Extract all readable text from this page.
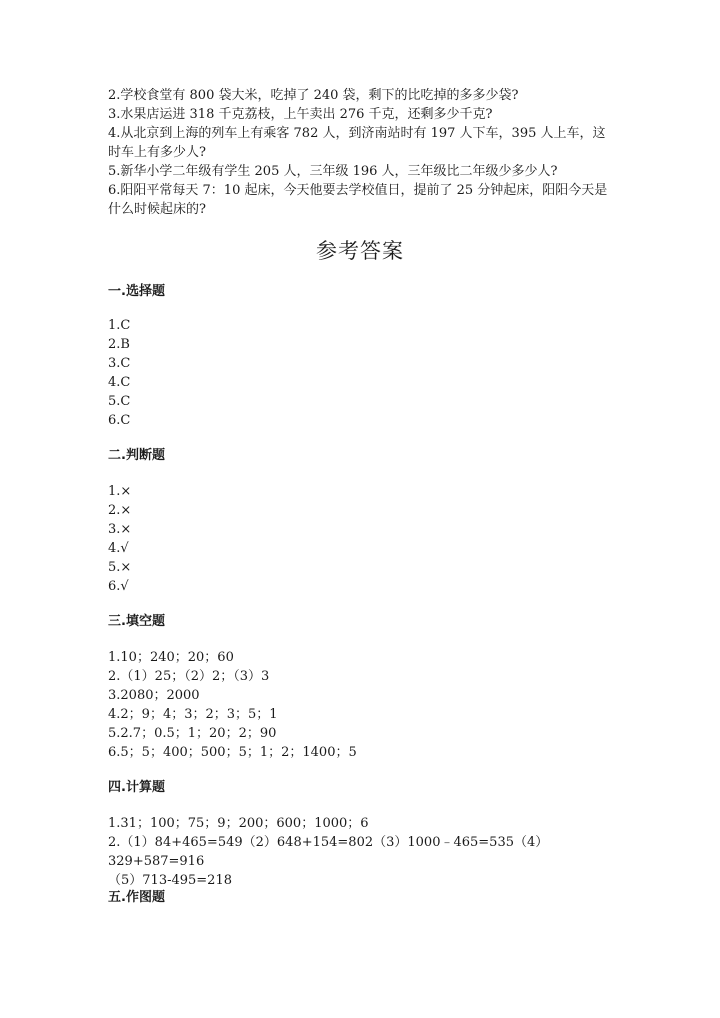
2.学校食堂有 800 袋大米，吃掉了 240 袋，剩下的比吃掉的多多少袋?

3.水果店运进 318 千克荔枝，上午卖出 276 千克，还剩多少千克?

4.从北京到上海的列车上有乘客 782 人，到济南站时有 197 人下车，395 人上车，这时车上有多少人?

5.新华小学二年级有学生 205 人，三年级 196 人，三年级比二年级少多少人?

6.阳阳平常每天 7：10 起床，今天他要去学校值日，提前了 25 分钟起床，阳阳今天是什么时候起床的?

参考答案
一.选择题

1.C

2.B

3.C

4.C

5.C

6.C

二.判断题

1.×

2.×

3.×

4.√

5.×

6.√

三.填空题

1.10；240；20；60

2.（1）25；（2）2；（3）3

3.2080；2000

4.2；9；4；3；2；3；5；1

5.2.7；0.5；1；20；2；90

6.5；5；400；500；5；1；2；1400；5

四.计算题

1.31；100；75；9；200；600；1000；6

2.（1）84+465=549（2）648+154=802（3）1000﹣465=535（4）329+587=916

（5）713-495=218

五.作图题
